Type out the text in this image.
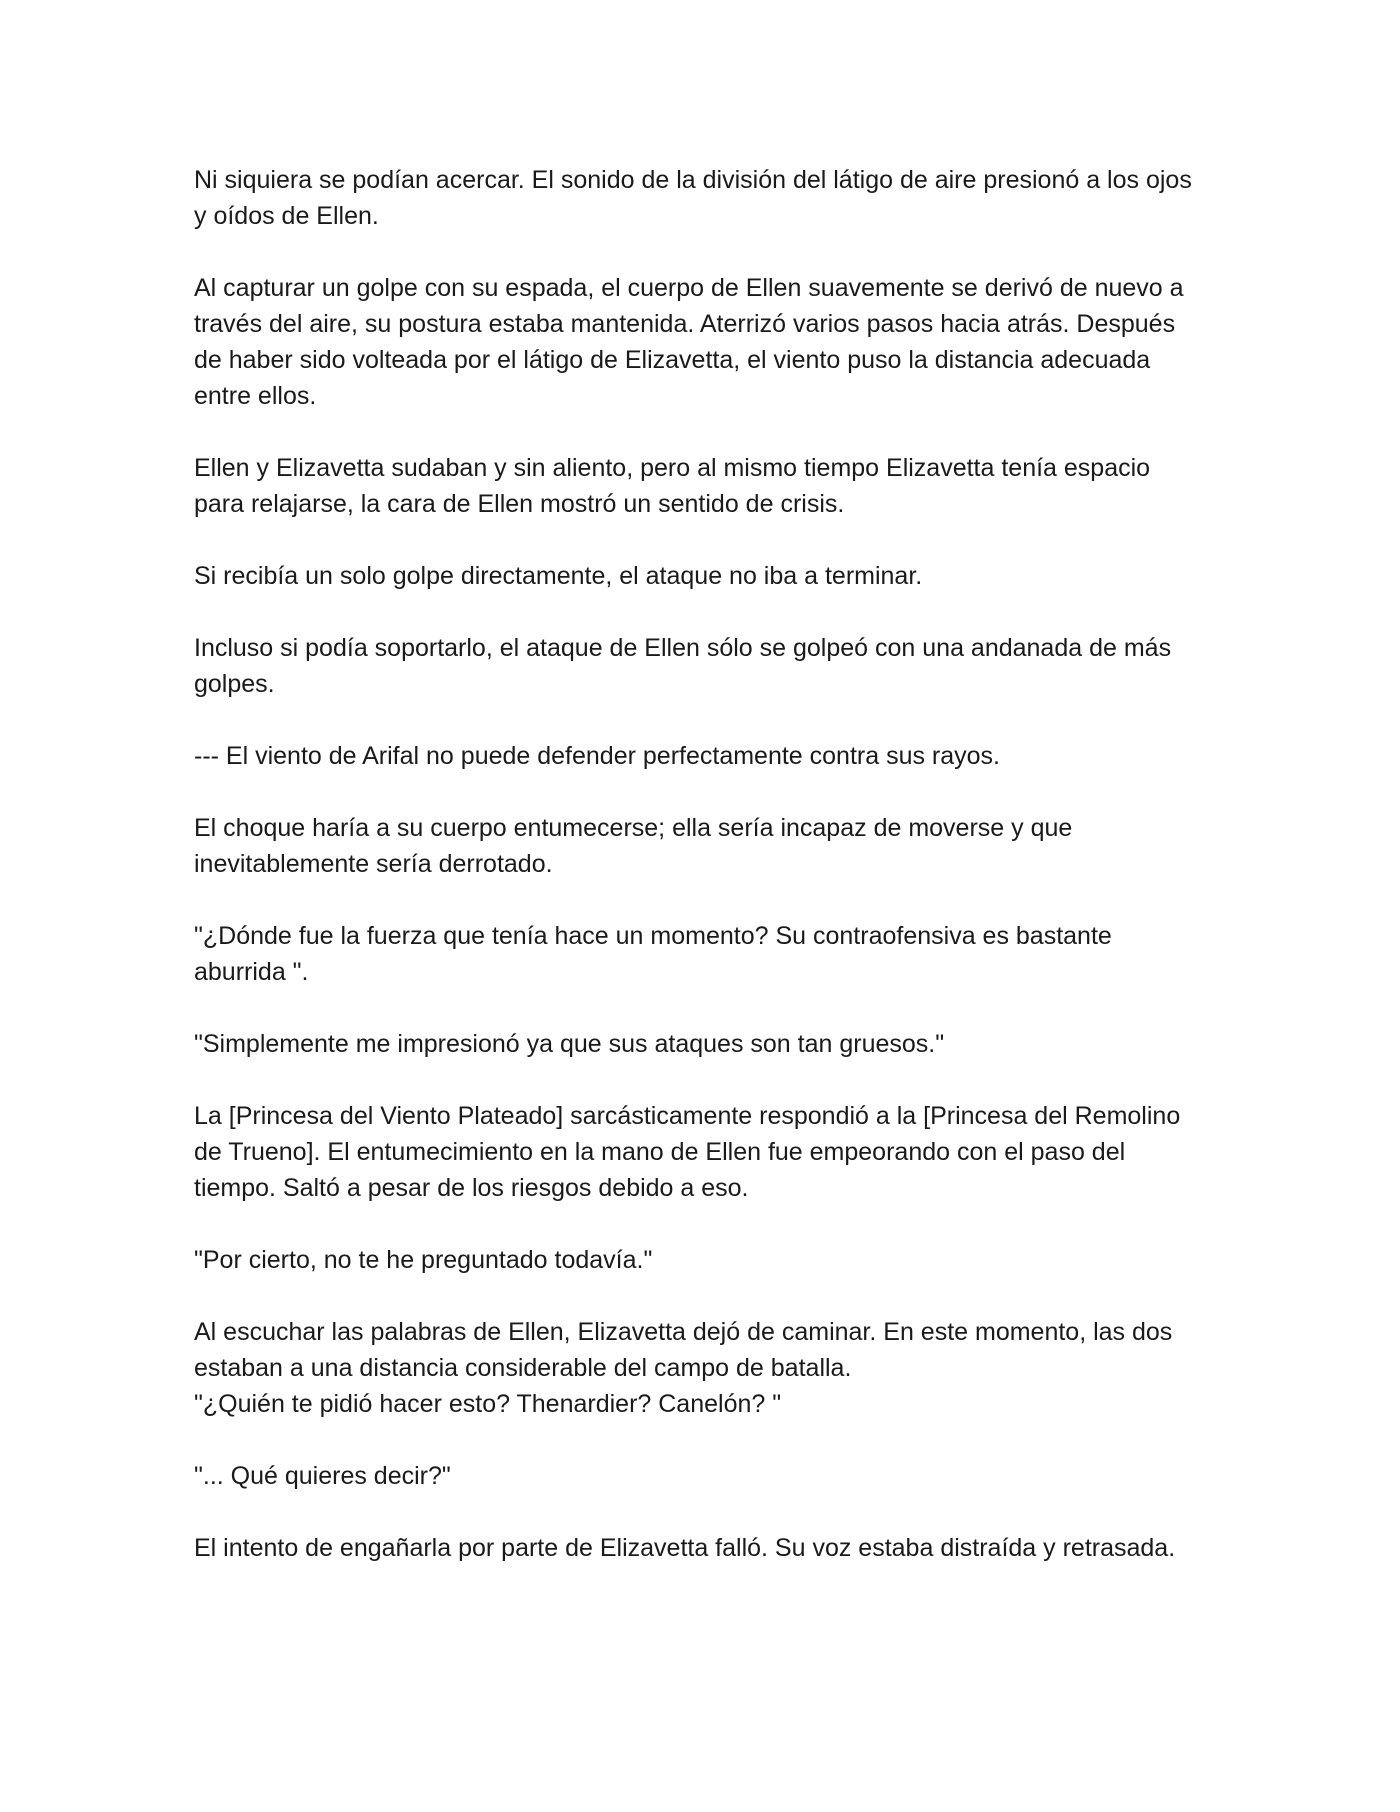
Ni siquiera se podían acercar. El sonido de la división del látigo de aire presionó a los ojos y oídos de Ellen.

Al capturar un golpe con su espada, el cuerpo de Ellen suavemente se derivó de nuevo a través del aire, su postura estaba mantenida. Aterrizó varios pasos hacia atrás. Después de haber sido volteada por el látigo de Elizavetta, el viento puso la distancia adecuada entre ellos.

Ellen y Elizavetta sudaban y sin aliento, pero al mismo tiempo Elizavetta tenía espacio para relajarse, la cara de Ellen mostró un sentido de crisis.

Si recibía un solo golpe directamente, el ataque no iba a terminar.

Incluso si podía soportarlo, el ataque de Ellen sólo se golpeó con una andanada de más golpes.

--- El viento de Arifal no puede defender perfectamente contra sus rayos.

El choque haría a su cuerpo entumecerse; ella sería incapaz de moverse y que inevitablemente sería derrotado.

"¿Dónde fue la fuerza que tenía hace un momento? Su contraofensiva es bastante aburrida ".

"Simplemente me impresionó ya que sus ataques son tan gruesos."

La [Princesa del Viento Plateado] sarcásticamente respondió a la [Princesa del Remolino de Trueno]. El entumecimiento en la mano de Ellen fue empeorando con el paso del tiempo. Saltó a pesar de los riesgos debido a eso.

"Por cierto, no te he preguntado todavía."

Al escuchar las palabras de Ellen, Elizavetta dejó de caminar. En este momento, las dos estaban a una distancia considerable del campo de batalla.

"¿Quién te pidió hacer esto? Thenardier? Canelón? "

"... Qué quieres decir?"

El intento de engañarla por parte de Elizavetta falló. Su voz estaba distraída y retrasada.
